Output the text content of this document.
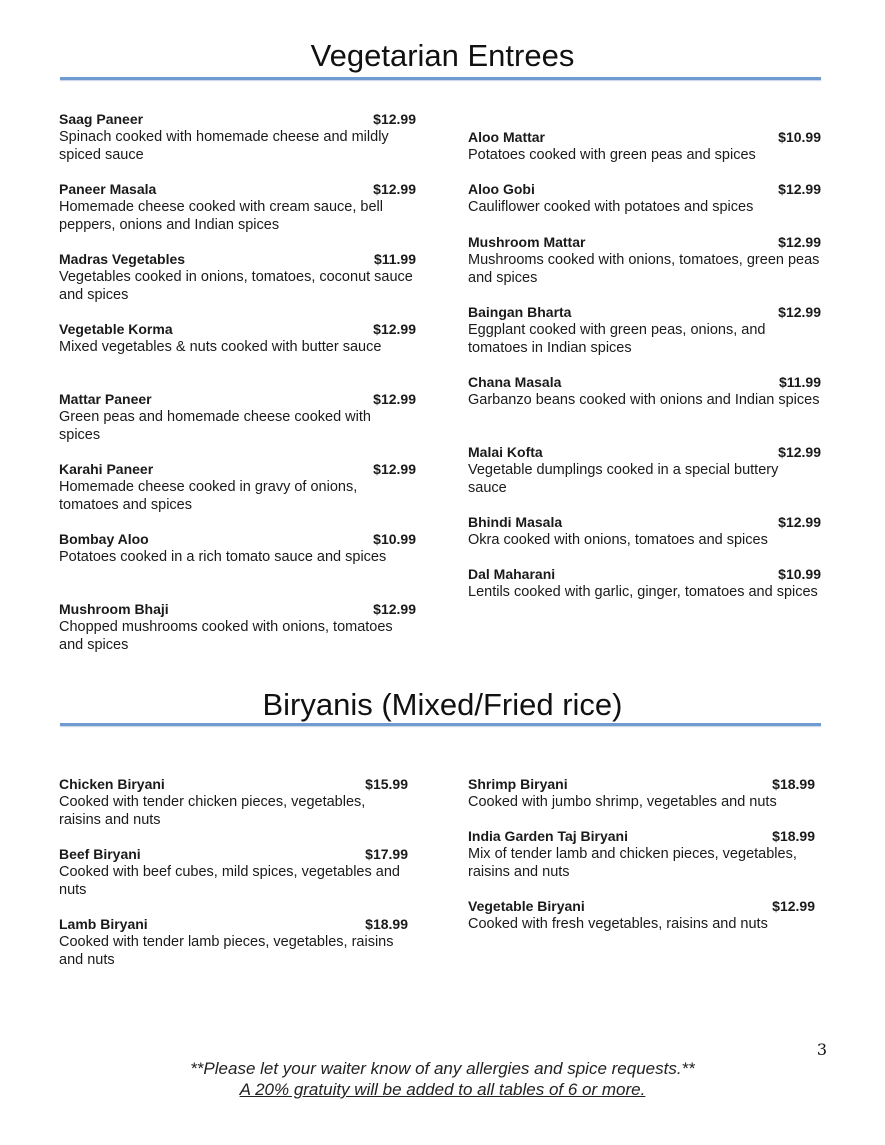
Vegetarian Entrees
Saag Paneer	$12.99
Spinach cooked with homemade cheese and mildly spiced sauce
Paneer Masala	$12.99
Homemade cheese cooked with cream sauce, bell peppers, onions and Indian spices
Madras Vegetables	$11.99
Vegetables cooked in onions, tomatoes, coconut sauce and spices
Vegetable Korma	$12.99
Mixed vegetables & nuts cooked with butter sauce
Mattar Paneer	$12.99
Green peas and homemade cheese cooked with spices
Karahi Paneer	$12.99
Homemade cheese cooked in gravy of onions, tomatoes and spices
Bombay Aloo	$10.99
Potatoes cooked in a rich tomato sauce and spices
Mushroom Bhaji	$12.99
Chopped mushrooms cooked with onions, tomatoes and spices
Aloo Mattar	$10.99
Potatoes cooked with green peas and spices
Aloo Gobi	$12.99
Cauliflower cooked with potatoes and spices
Mushroom Mattar	$12.99
Mushrooms cooked with onions, tomatoes, green peas and spices
Baingan Bharta	$12.99
Eggplant cooked with green peas, onions, and tomatoes in Indian spices
Chana Masala	$11.99
Garbanzo beans cooked with onions and Indian spices
Malai Kofta	$12.99
Vegetable dumplings cooked in a special buttery sauce
Bhindi Masala	$12.99
Okra cooked with onions, tomatoes and spices
Dal Maharani	$10.99
Lentils cooked with garlic, ginger, tomatoes and spices
Biryanis (Mixed/Fried rice)
Chicken Biryani	$15.99
Cooked with tender chicken pieces, vegetables, raisins and nuts
Beef Biryani	$17.99
Cooked with beef cubes, mild spices, vegetables and nuts
Lamb Biryani	$18.99
Cooked with tender lamb pieces, vegetables, raisins and nuts
Shrimp Biryani	$18.99
Cooked with jumbo shrimp, vegetables and nuts
India Garden Taj Biryani	$18.99
Mix of tender lamb and chicken pieces, vegetables, raisins and nuts
Vegetable Biryani	$12.99
Cooked with fresh vegetables, raisins and nuts
3
**Please let your waiter know of any allergies and spice requests.**
A 20% gratuity will be added to all tables of 6 or more.
